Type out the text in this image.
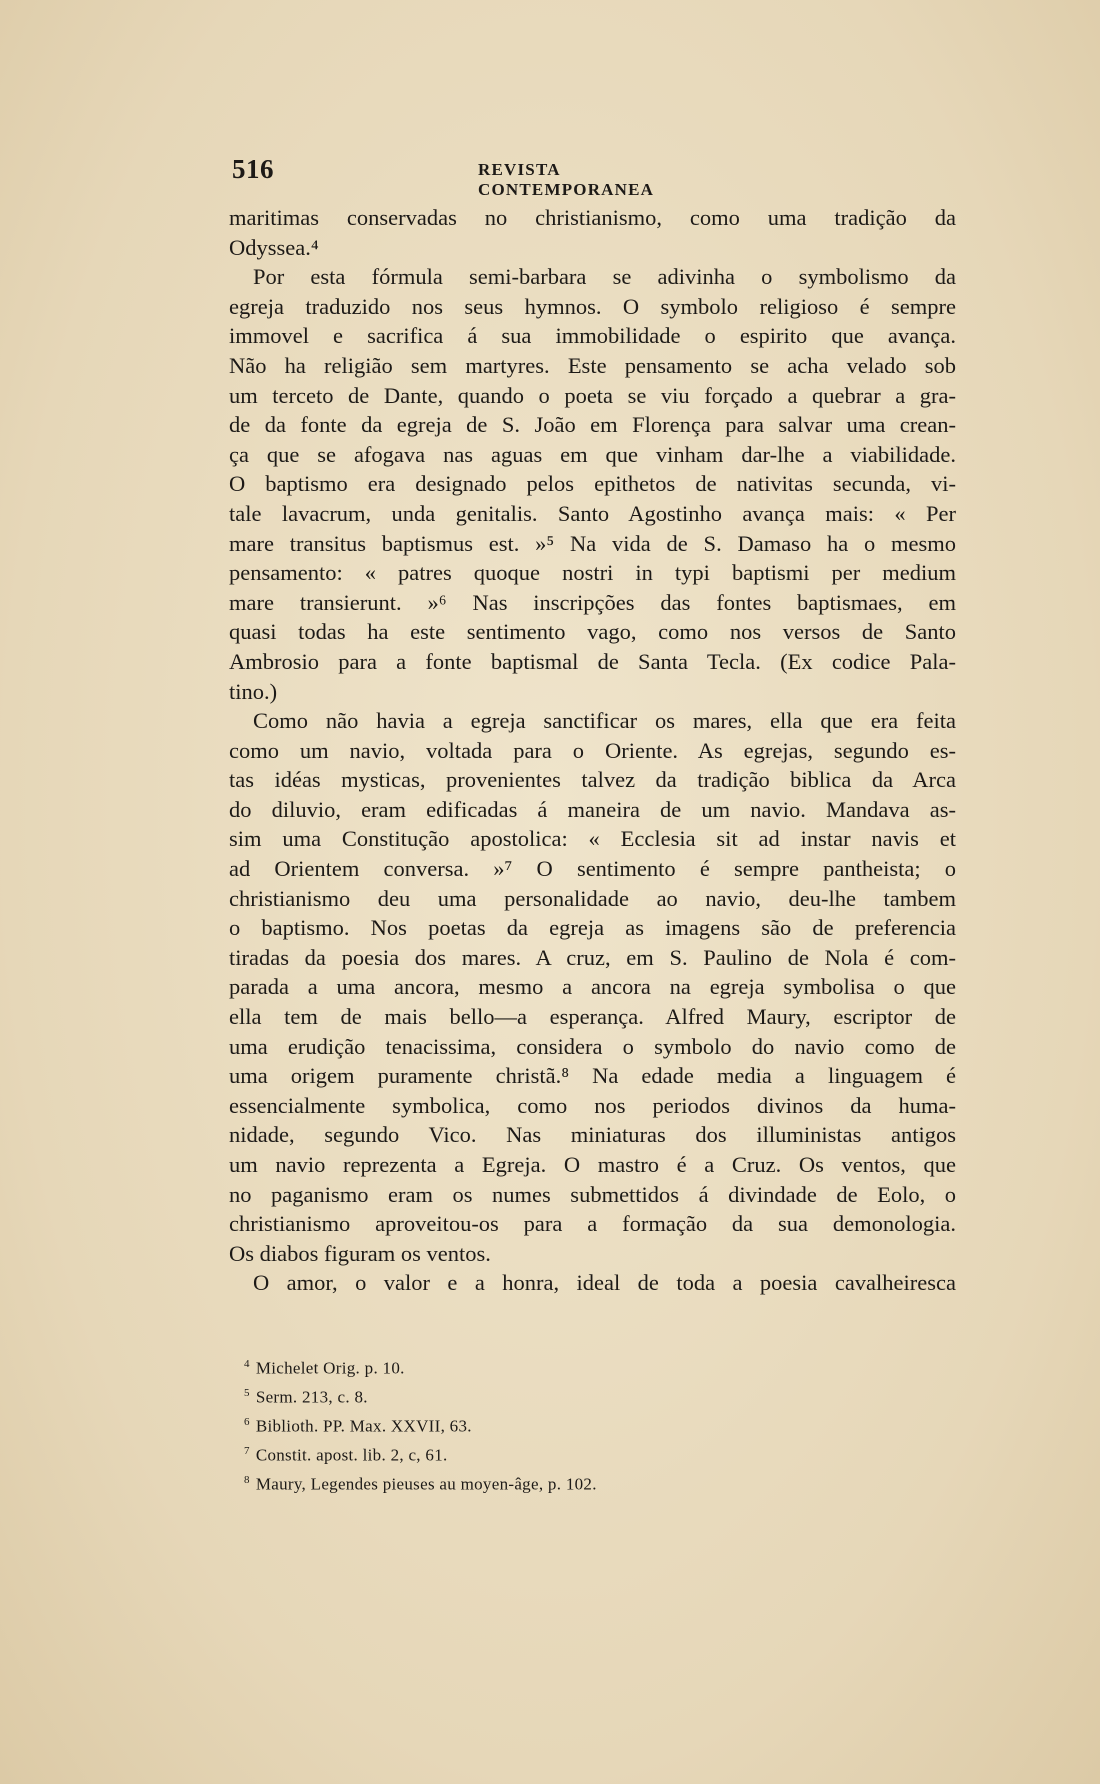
516	REVISTA CONTEMPORANEA
maritimas conservadas no christianismo, como uma tradição da
Odyssea.⁴
Por esta fórmula semi-barbara se adivinha o symbolismo da
egreja traduzido nos seus hymnos. O symbolo religioso é sempre
immovel e sacrifica á sua immobilidade o espirito que avança.
Não ha religião sem martyres. Este pensamento se acha velado sob
um terceto de Dante, quando o poeta se viu forçado a quebrar a gra-
de da fonte da egreja de S. João em Florença para salvar uma crean-
ça que se afogava nas aguas em que vinham dar-lhe a viabilidade.
O baptismo era designado pelos epithetos de nativitas secunda, vi-
tale lavacrum, unda genitalis. Santo Agostinho avança mais: « Per
mare transitus baptismus est. »⁵ Na vida de S. Damaso ha o mesmo
pensamento: « patres quoque nostri in typi baptismi per medium
mare transierunt. »⁶ Nas inscripções das fontes baptismaes, em
quasi todas ha este sentimento vago, como nos versos de Santo
Ambrosio para a fonte baptismal de Santa Tecla. (Ex codice Pala-
tino.)
Como não havia a egreja sanctificar os mares, ella que era feita
como um navio, voltada para o Oriente. As egrejas, segundo es-
tas idéas mysticas, provenientes talvez da tradição biblica da Arca
do diluvio, eram edificadas á maneira de um navio. Mandava as-
sim uma Constitução apostolica: « Ecclesia sit ad instar navis et
ad Orientem conversa. »⁷ O sentimento é sempre pantheista; o
christianismo deu uma personalidade ao navio, deu-lhe tambem
o baptismo. Nos poetas da egreja as imagens são de preferencia
tiradas da poesia dos mares. A cruz, em S. Paulino de Nola é com-
parada a uma ancora, mesmo a ancora na egreja symbolisa o que
ella tem de mais bello—a esperança. Alfred Maury, escriptor de
uma erudição tenacissima, considera o symbolo do navio como de
uma origem puramente christã.⁸ Na edade media a linguagem é
essencialmente symbolica, como nos periodos divinos da huma-
nidade, segundo Vico. Nas miniaturas dos illuministas antigos
um navio reprezenta a Egreja. O mastro é a Cruz. Os ventos, que
no paganismo eram os numes submettidos á divindade de Eolo, o
christianismo aproveitou-os para a formação da sua demonologia.
Os diabos figuram os ventos.
O amor, o valor e a honra, ideal de toda a poesia cavalheiresca
$^4$ Michelet Orig. p. 10.
$^5$ Serm. 213, c. 8.
$^6$ Biblioth. PP. Max. XXVII, 63.
$^7$ Constit. apost. lib. 2, c, 61.
$^8$ Maury, Legendes pieuses au moyen-âge, p. 102.
